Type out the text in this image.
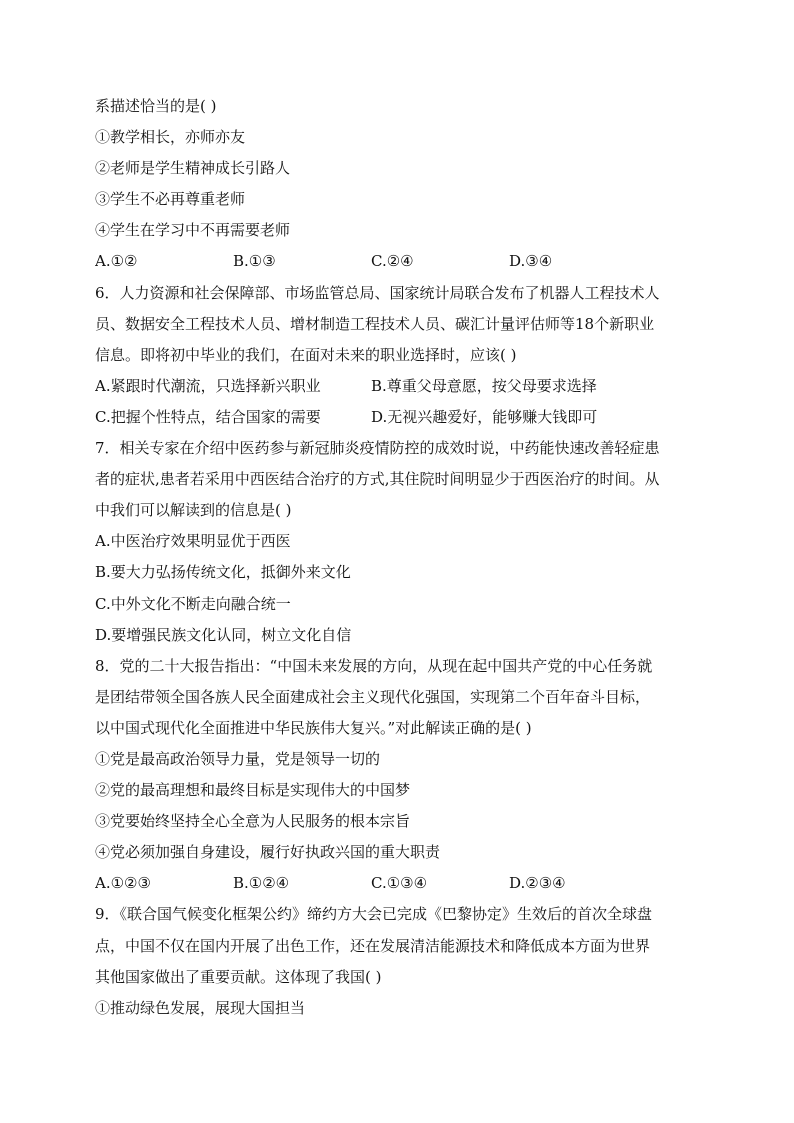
系描述恰当的是( )
①教学相长，亦师亦友
②老师是学生精神成长引路人
③学生不必再尊重老师
④学生在学习中不再需要老师
A.①②	B.①③	C.②④	D.③④
6．人力资源和社会保障部、市场监管总局、国家统计局联合发布了机器人工程技术人
员、数据安全工程技术人员、增材制造工程技术人员、碳汇计量评估师等18个新职业
信息。即将初中毕业的我们，在面对未来的职业选择时，应该( )
A.紧跟时代潮流，只选择新兴职业	B.尊重父母意愿，按父母要求选择
C.把握个性特点，结合国家的需要	D.无视兴趣爱好，能够赚大钱即可
7．相关专家在介绍中医药参与新冠肺炎疫情防控的成效时说，中药能快速改善轻症患
者的症状,患者若采用中西医结合治疗的方式,其住院时间明显少于西医治疗的时间。从
中我们可以解读到的信息是( )
A.中医治疗效果明显优于西医
B.要大力弘扬传统文化，抵御外来文化
C.中外文化不断走向融合统一
D.要增强民族文化认同，树立文化自信
8．党的二十大报告指出：“中国未来发展的方向，从现在起中国共产党的中心任务就
是团结带领全国各族人民全面建成社会主义现代化强国，实现第二个百年奋斗目标，
以中国式现代化全面推进中华民族伟大复兴。”对此解读正确的是( )
①党是最高政治领导力量，党是领导一切的
②党的最高理想和最终目标是实现伟大的中国梦
③党要始终坚持全心全意为人民服务的根本宗旨
④党必须加强自身建设，履行好执政兴国的重大职责
A.①②③	B.①②④	C.①③④	D.②③④
9．《联合国气候变化框架公约》缔约方大会已完成《巴黎协定》生效后的首次全球盘
点，中国不仅在国内开展了出色工作，还在发展清洁能源技术和降低成本方面为世界
其他国家做出了重要贡献。这体现了我国( )
①推动绿色发展，展现大国担当
